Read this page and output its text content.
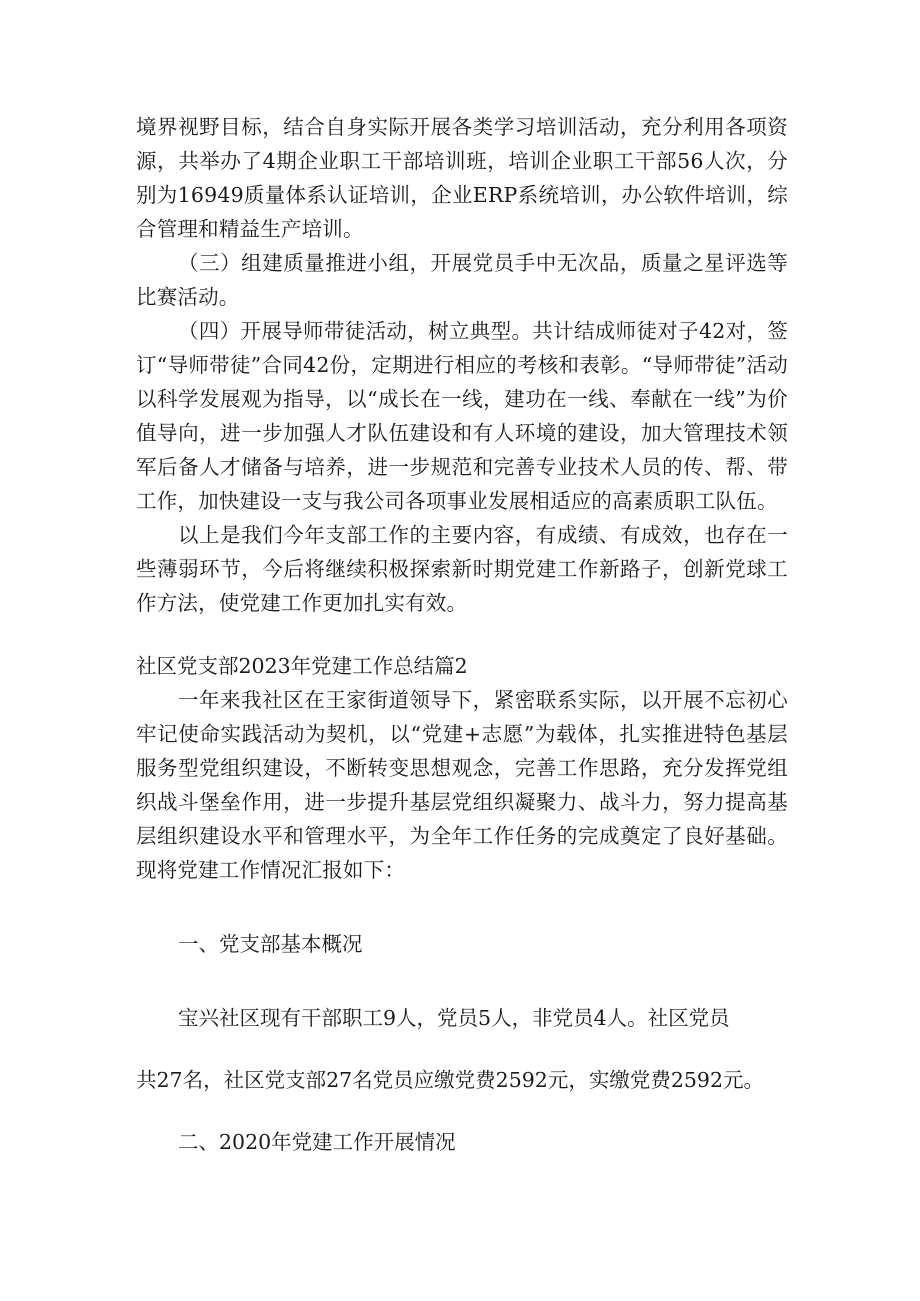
境界视野目标，结合自身实际开展各类学习培训活动，充分利用各项资源，共举办了4期企业职工干部培训班，培训企业职工干部56人次，分别为16949质量体系认证培训，企业ERP系统培训，办公软件培训，综合管理和精益生产培训。

（三）组建质量推进小组，开展党员手中无次品，质量之星评选等比赛活动。

（四）开展导师带徒活动，树立典型。共计结成师徒对子42对，签订“导师带徒”合同42份，定期进行相应的考核和表彰。“导师带徒”活动以科学发展观为指导，以“成长在一线，建功在一线、奉献在一线”为价值导向，进一步加强人才队伍建设和有人环境的建设，加大管理技术领军后备人才储备与培养，进一步规范和完善专业技术人员的传、帮、带工作，加快建设一支与我公司各项事业发展相适应的高素质职工队伍。

以上是我们今年支部工作的主要内容，有成绩、有成效，也存在一些薄弱环节，今后将继续积极探索新时期党建工作新路子，创新党球工作方法，使党建工作更加扎实有效。

社区党支部2023年党建工作总结篇2

一年来我社区在王家街道领导下，紧密联系实际，以开展不忘初心牢记使命实践活动为契机，以“党建+志愿”为载体，扎实推进特色基层服务型党组织建设，不断转变思想观念，完善工作思路，充分发挥党组织战斗堡垒作用，进一步提升基层党组织凝聚力、战斗力，努力提高基层组织建设水平和管理水平，为全年工作任务的完成奠定了良好基础。现将党建工作情况汇报如下：

一、党支部基本概况

宝兴社区现有干部职工9人，党员5人，非党员4人。社区党员

共27名，社区党支部27名党员应缴党费2592元，实缴党费2592元。

二、2020年党建工作开展情况
